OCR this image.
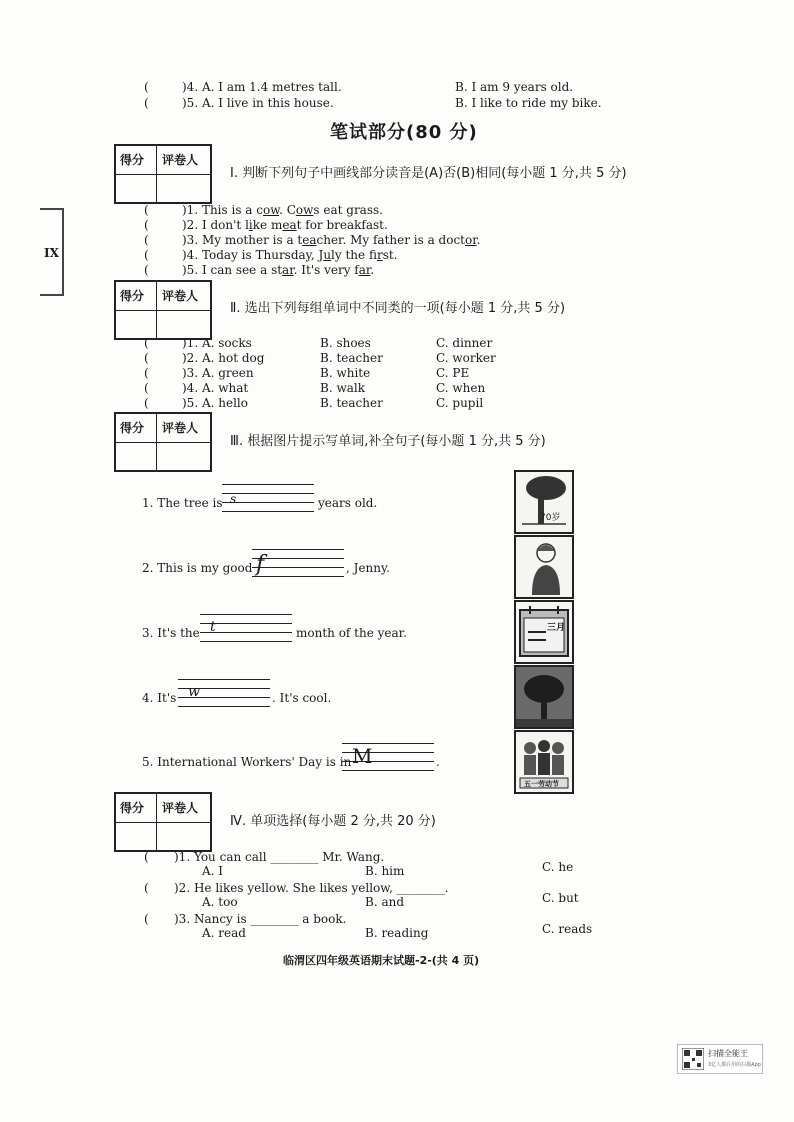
(	)4. A. I am 1.4 metres tall.	B. I am 9 years old.
(	)5. A. I live in this house.	B. I like to ride my bike.
笔试部分(80 分)
IX
得分 评卷人
Ⅰ. 判断下列句子中画线部分读音是(A)否(B)相同(每小题 1 分,共 5 分)
(	)1. This is a cow. Cows eat grass.
(	)2. I don't like meat for breakfast.
(	)3. My mother is a teacher. My father is a doctor.
(	)4. Today is Thursday, July the first.
(	)5. I can see a star. It's very far.
得分 评卷人
Ⅱ. 选出下列每组单词中不同类的一项(每小题 1 分,共 5 分)
(	)1. A. socks	B. shoes	C. dinner
(	)2. A. hot dog	B. teacher	C. worker
(	)3. A. green	B. white	C. PE
(	)4. A. what	B. walk	C. when
(	)5. A. hello	B. teacher	C. pupil
得分 评卷人
Ⅲ. 根据图片提示写单词,补全句子(每小题 1 分,共 5 分)
1. The tree is s	years old.
2. This is my good f	, Jenny.
3. It's the t	month of the year.
4. It's w	. It's cool.
5. International Workers' Day is in M	.
70岁
三月
五一劳动节
得分 评卷人
Ⅳ. 单项选择(每小题 2 分,共 20 分)
( )1. You can call ________ Mr. Wang.
A. I	B. him	C. he
( )2. He likes yellow. She likes yellow, ________.
A. too	B. and	C. but
( )3. Nancy is ________ a book.
A. read	B. reading	C. reads
临渭区四年级英语期末试题-2-(共 4 页)
扫描全能王
3亿人都在用的扫描App
